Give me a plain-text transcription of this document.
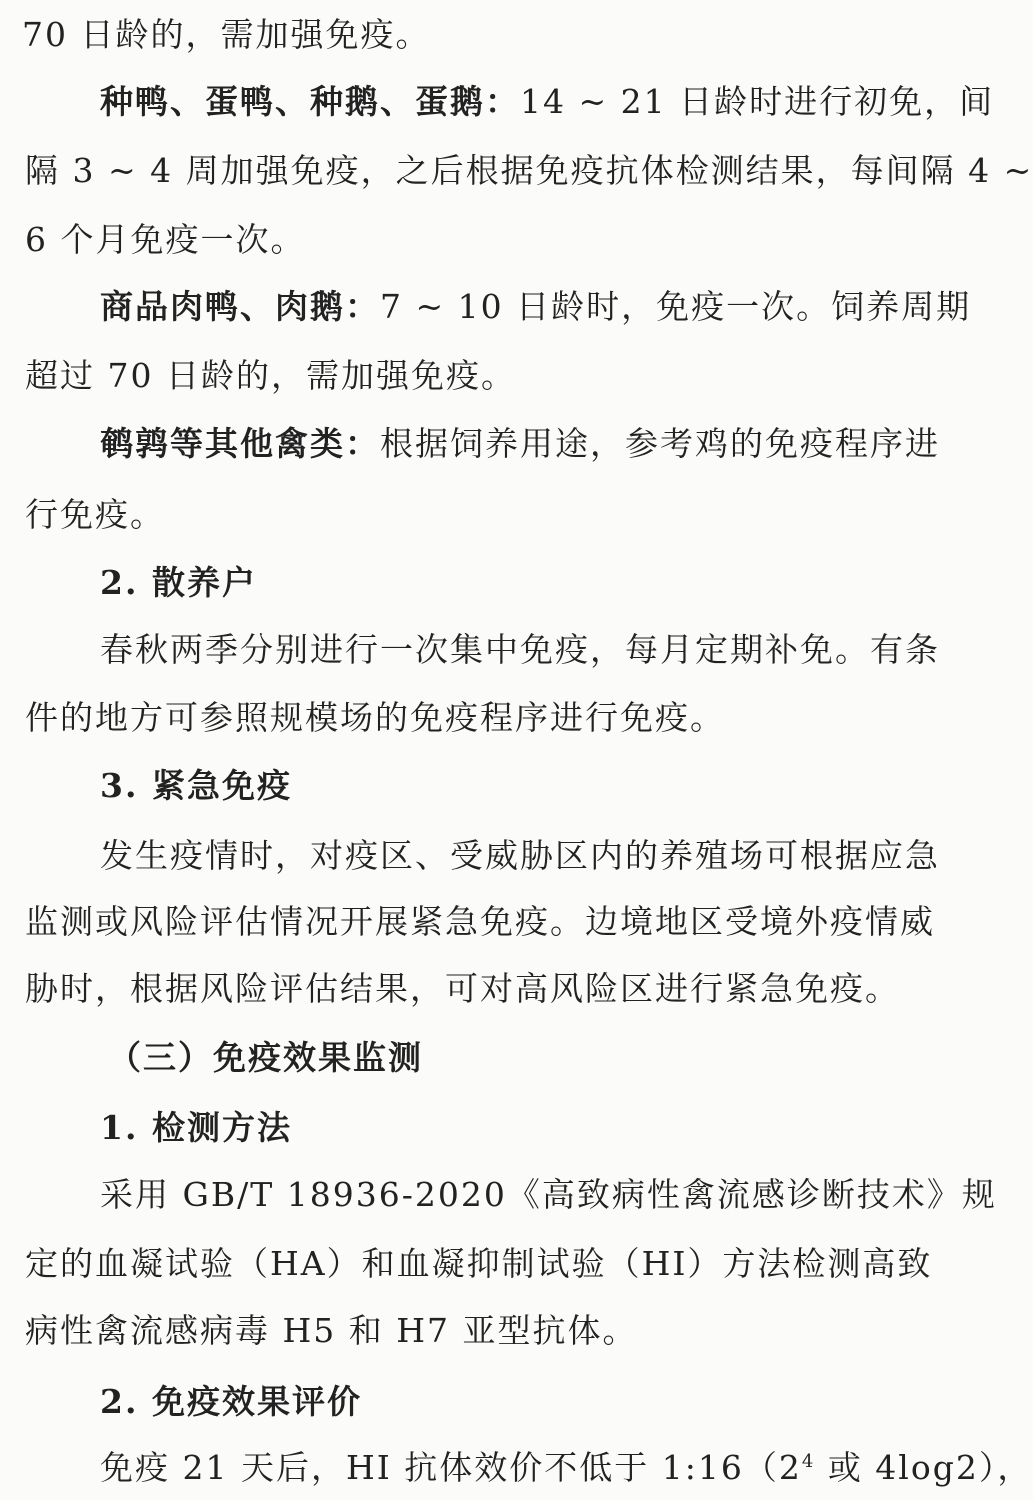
70 日龄的，需加强免疫。
种鸭、蛋鸭、种鹅、蛋鹅：14 ~ 21 日龄时进行初免，间
隔 3 ~ 4 周加强免疫，之后根据免疫抗体检测结果，每间隔 4 ~
6 个月免疫一次。
商品肉鸭、肉鹅：7 ~ 10 日龄时，免疫一次。饲养周期
超过 70 日龄的，需加强免疫。
鹌鹑等其他禽类：根据饲养用途，参考鸡的免疫程序进
行免疫。
2. 散养户
春秋两季分别进行一次集中免疫，每月定期补免。有条
件的地方可参照规模场的免疫程序进行免疫。
3. 紧急免疫
发生疫情时，对疫区、受威胁区内的养殖场可根据应急
监测或风险评估情况开展紧急免疫。边境地区受境外疫情威
胁时，根据风险评估结果，可对高风险区进行紧急免疫。
（三）免疫效果监测
1. 检测方法
采用 GB/T 18936-2020《高致病性禽流感诊断技术》规
定的血凝试验（HA）和血凝抑制试验（HI）方法检测高致
病性禽流感病毒 H5 和 H7 亚型抗体。
2. 免疫效果评价
免疫 21 天后，HI 抗体效价不低于 $1:16(2^4$ 或 4log2），
